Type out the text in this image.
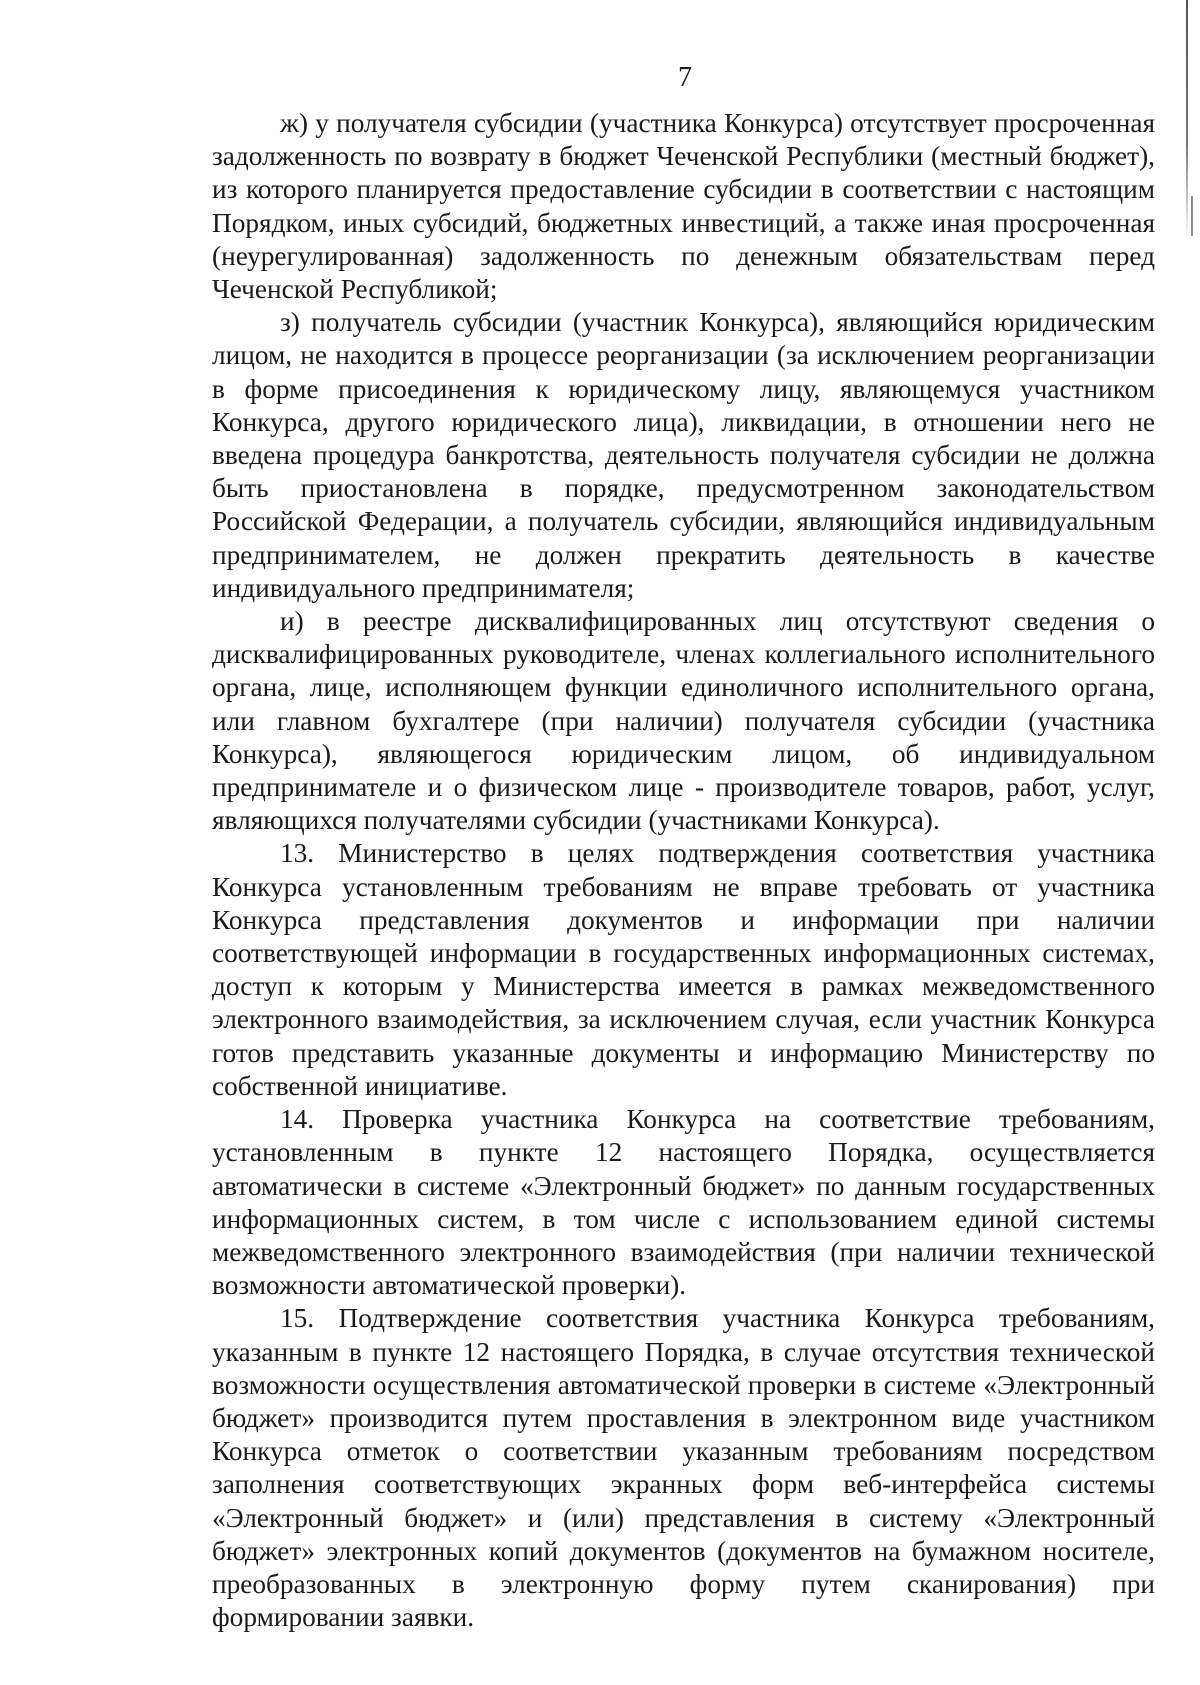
7

ж) у получателя субсидии (участника Конкурса) отсутствует просроченная задолженность по возврату в бюджет Чеченской Республики (местный бюджет), из которого планируется предоставление субсидии в соответствии с настоящим Порядком, иных субсидий, бюджетных инвестиций, а также иная просроченная (неурегулированная) задолженность по денежным обязательствам перед Чеченской Республикой;

з) получатель субсидии (участник Конкурса), являющийся юридическим лицом, не находится в процессе реорганизации (за исключением реорганизации в форме присоединения к юридическому лицу, являющемуся участником Конкурса, другого юридического лица), ликвидации, в отношении него не введена процедура банкротства, деятельность получателя субсидии не должна быть приостановлена в порядке, предусмотренном законодательством Российской Федерации, а получатель субсидии, являющийся индивидуальным предпринимателем, не должен прекратить деятельность в качестве индивидуального предпринимателя;

и) в реестре дисквалифицированных лиц отсутствуют сведения о дисквалифицированных руководителе, членах коллегиального исполнительного органа, лице, исполняющем функции единоличного исполнительного органа, или главном бухгалтере (при наличии) получателя субсидии (участника Конкурса), являющегося юридическим лицом, об индивидуальном предпринимателе и о физическом лице - производителе товаров, работ, услуг, являющихся получателями субсидии (участниками Конкурса).

13. Министерство в целях подтверждения соответствия участника Конкурса установленным требованиям не вправе требовать от участника Конкурса представления документов и информации при наличии соответствующей информации в государственных информационных системах, доступ к которым у Министерства имеется в рамках межведомственного электронного взаимодействия, за исключением случая, если участник Конкурса готов представить указанные документы и информацию Министерству по собственной инициативе.

14. Проверка участника Конкурса на соответствие требованиям, установленным в пункте 12 настоящего Порядка, осуществляется автоматически в системе «Электронный бюджет» по данным государственных информационных систем, в том числе с использованием единой системы межведомственного электронного взаимодействия (при наличии технической возможности автоматической проверки).

15. Подтверждение соответствия участника Конкурса требованиям, указанным в пункте 12 настоящего Порядка, в случае отсутствия технической возможности осуществления автоматической проверки в системе «Электронный бюджет» производится путем проставления в электронном виде участником Конкурса отметок о соответствии указанным требованиям посредством заполнения соответствующих экранных форм веб-интерфейса системы «Электронный бюджет» и (или) представления в систему «Электронный бюджет» электронных копий документов (документов на бумажном носителе, преобразованных в электронную форму путем сканирования) при формировании заявки.
